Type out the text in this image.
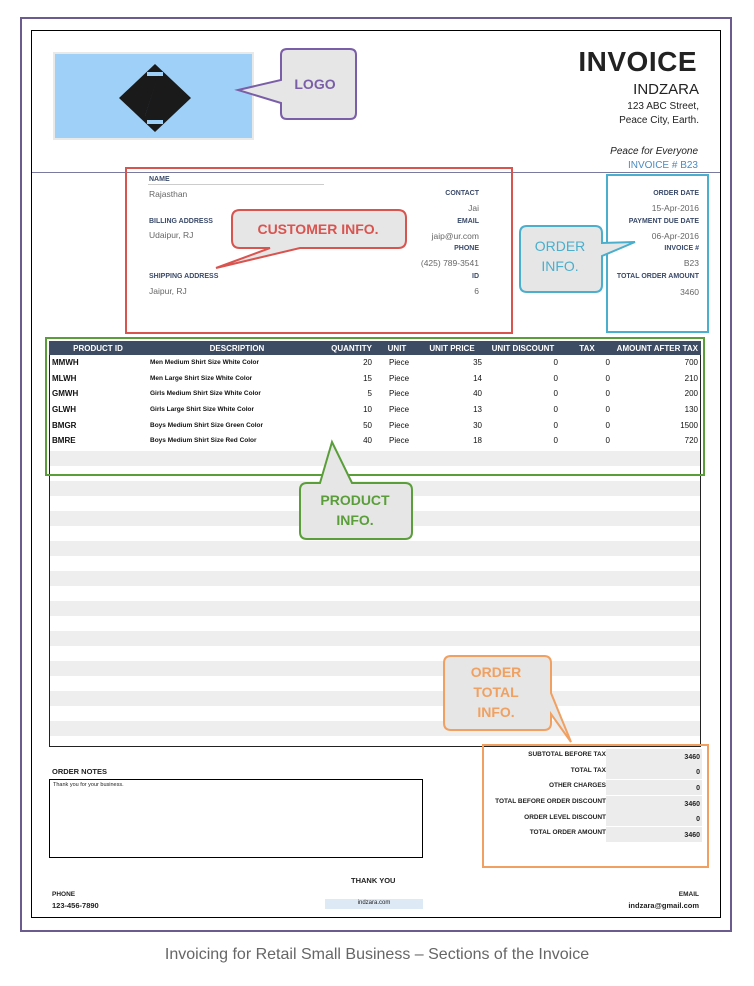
INVOICE
INDZARA
123 ABC Street,
Peace City, Earth.
Peace for Everyone
INVOICE # B23
NAME
Rajasthan
BILLING ADDRESS
Udaipur, RJ
SHIPPING ADDRESS
Jaipur, RJ
CONTACT
Jai
EMAIL
jaip@ur.com
PHONE
(425) 789-3541
ID
6
ORDER DATE
15-Apr-2016
PAYMENT DUE DATE
06-Apr-2016
INVOICE #
B23
TOTAL ORDER AMOUNT
3460
PRODUCT ID	DESCRIPTION	QUANTITY	UNIT	UNIT PRICE	UNIT DISCOUNT	TAX	AMOUNT AFTER TAX
MMWH	Men Medium Shirt Size White Color	20	Piece	35	0	0	700
MLWH	Men Large Shirt Size White Color	15	Piece	14	0	0	210
GMWH	Girls Medium Shirt Size White Color	5	Piece	40	0	0	200
GLWH	Girls Large Shirt Size White Color	10	Piece	13	0	0	130
BMGR	Boys Medium Shirt Size Green Color	50	Piece	30	0	0	1500
BMRE	Boys Medium Shirt Size Red Color	40	Piece	18	0	0	720
ORDER NOTES
Thank you for your business.
SUBTOTAL BEFORE TAX	3460
TOTAL TAX	0
OTHER CHARGES	0
TOTAL BEFORE ORDER DISCOUNT	3460
ORDER LEVEL DISCOUNT	0
TOTAL ORDER AMOUNT	3460
THANK YOU
PHONE
123-456-7890	indzara.com
EMAIL
indzara@gmail.com
LOGO
CUSTOMER INFO.
ORDER
INFO.
PRODUCT
INFO.
ORDER
TOTAL
INFO.
Invoicing for Retail Small Business – Sections of the Invoice
